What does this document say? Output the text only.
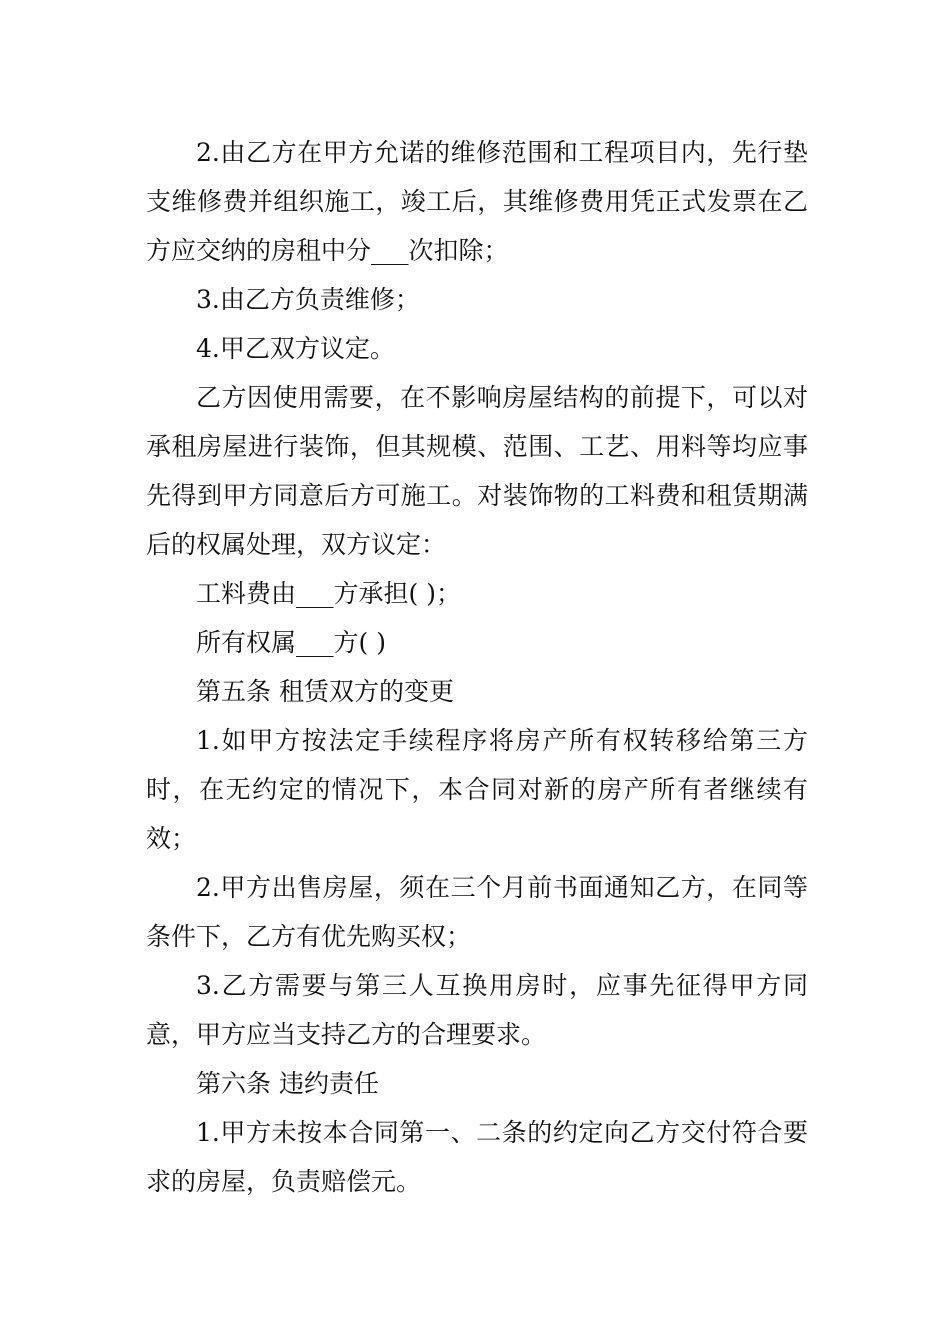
2.由乙方在甲方允诺的维修范围和工程项目内，先行垫支维修费并组织施工，竣工后，其维修费用凭正式发票在乙方应交纳的房租中分___次扣除；

3.由乙方负责维修；

4.甲乙双方议定。

乙方因使用需要，在不影响房屋结构的前提下，可以对承租房屋进行装饰，但其规模、范围、工艺、用料等均应事先得到甲方同意后方可施工。对装饰物的工料费和租赁期满后的权属处理，双方议定：

工料费由___方承担( )；

所有权属___方( )

第五条 租赁双方的变更

1.如甲方按法定手续程序将房产所有权转移给第三方时，在无约定的情况下，本合同对新的房产所有者继续有效；

2.甲方出售房屋，须在三个月前书面通知乙方，在同等条件下，乙方有优先购买权；

3.乙方需要与第三人互换用房时，应事先征得甲方同意，甲方应当支持乙方的合理要求。

第六条 违约责任

1.甲方未按本合同第一、二条的约定向乙方交付符合要求的房屋，负责赔偿元。
